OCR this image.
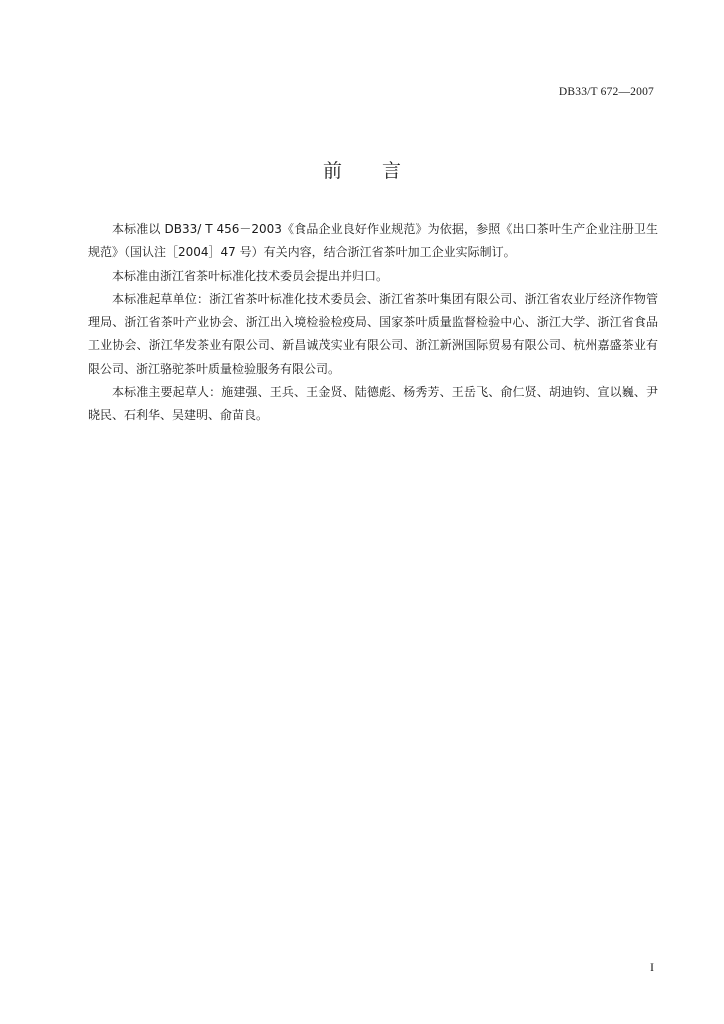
DB33/T 672—2007
前言

本标准以 DB33/ T 456－2003《食品企业良好作业规范》为依据，参照《出口茶叶生产企业注册卫生规范》（国认注［2004］47 号）有关内容，结合浙江省茶叶加工企业实际制订。

本标准由浙江省茶叶标准化技术委员会提出并归口。

本标准起草单位：浙江省茶叶标准化技术委员会、浙江省茶叶集团有限公司、浙江省农业厅经济作物管理局、浙江省茶叶产业协会、浙江出入境检验检疫局、国家茶叶质量监督检验中心、浙江大学、浙江省食品工业协会、浙江华发茶业有限公司、新昌诚茂实业有限公司、浙江新洲国际贸易有限公司、杭州嘉盛茶业有限公司、浙江骆驼茶叶质量检验服务有限公司。

本标准主要起草人：施建强、王兵、王金贤、陆德彪、杨秀芳、王岳飞、俞仁贤、胡迪钧、宣以巍、尹晓民、石利华、吴建明、俞苗良。

I
